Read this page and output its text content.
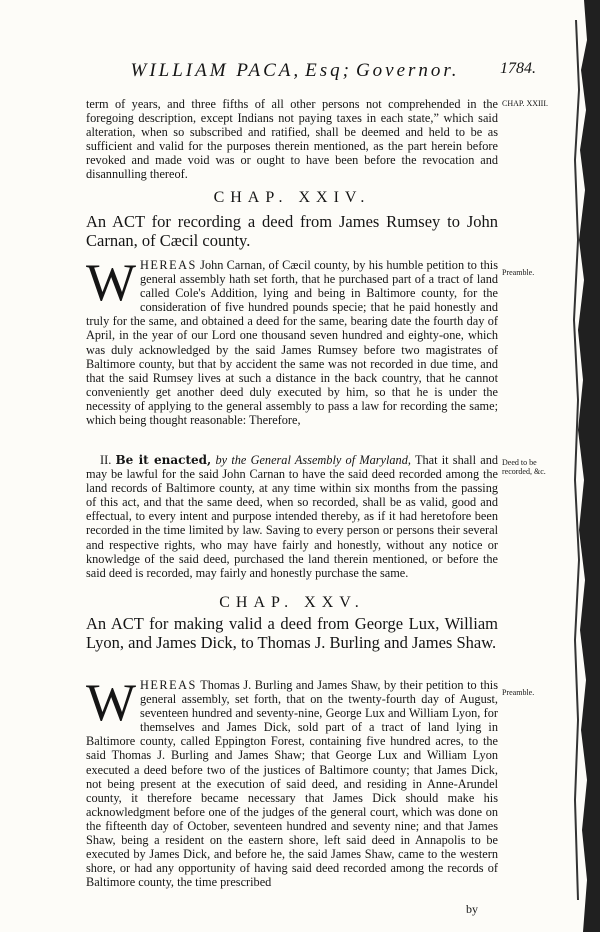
WILLIAM PACA, Esq; Governor.	1784.
CHAP. XXIII.

term of years, and three fifths of all other persons not comprehended in the foregoing description, except Indians not paying taxes in each state,” which said alteration, when so subscribed and ratified, shall be deemed and held to be as sufficient and valid for the purposes therein mentioned, as the part herein before revoked and made void was or ought to have been before the revocation and disannulling thereof.

CHAP. XXIV.
An ACT for recording a deed from James Rumsey to John Carnan, of Cæcil county.
Preamble.

W HEREAS John Carnan, of Cæcil county, by his humble petition to this general assembly hath set forth, that he purchased part of a tract of land called Cole's Addition, lying and being in Baltimore county, for the consideration of five hundred pounds specie; that he paid honestly and truly for the same, and obtained a deed for the same, bearing date the fourth day of April, in the year of our Lord one thousand seven hundred and eighty-one, which was duly acknowledged by the said James Rumsey before two magistrates of Baltimore county, but that by accident the same was not recorded in due time, and that the said Rumsey lives at such a distance in the back country, that he cannot conveniently get another deed duly executed by him, so that he is under the necessity of applying to the general assembly to pass a law for recording the same; which being thought reasonable: Therefore,

Deed to be recorded, &c.

II. Be it enacted, by the General Assembly of Maryland, That it shall and may be lawful for the said John Carnan to have the said deed recorded among the land records of Baltimore county, at any time within six months from the passing of this act, and that the same deed, when so recorded, shall be as valid, good and effectual, to every intent and purpose intended thereby, as if it had heretofore been recorded in the time limited by law. Saving to every person or persons their several and respective rights, who may have fairly and honestly, without any notice or knowledge of the said deed, purchased the land therein mentioned, or before the said deed is recorded, may fairly and honestly purchase the same.

CHAP. XXV.
An ACT for making valid a deed from George Lux, William Lyon, and James Dick, to Thomas J. Burling and James Shaw.
Preamble.

W HEREAS Thomas J. Burling and James Shaw, by their petition to this general assembly, set forth, that on the twenty-fourth day of August, seventeen hundred and seventy-nine, George Lux and William Lyon, for themselves and James Dick, sold part of a tract of land lying in Baltimore county, called Eppington Forest, containing five hundred acres, to the said Thomas J. Burling and James Shaw; that George Lux and William Lyon executed a deed before two of the justices of Baltimore county; that James Dick, not being present at the execution of said deed, and residing in Anne-Arundel county, it therefore became necessary that James Dick should make his acknowledgment before one of the judges of the general court, which was done on the fifteenth day of October, seventeen hundred and seventy nine; and that James Shaw, being a resident on the eastern shore, left said deed in Annapolis to be executed by James Dick, and before he, the said James Shaw, came to the western shore, or had any opportunity of having said deed recorded among the records of Baltimore county, the time prescribed

by
